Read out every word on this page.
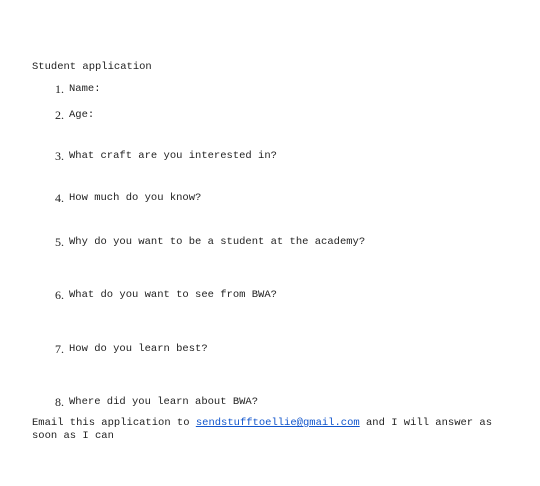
Student application
1. Name:
2. Age:
3. What craft are you interested in?
4. How much do you know?
5. Why do you want to be a student at the academy?
6. What do you want to see from BWA?
7. How do you learn best?
8. Where did you learn about BWA?

Email this application to sendstufftoellie@gmail.com and I will answer as soon as I can
